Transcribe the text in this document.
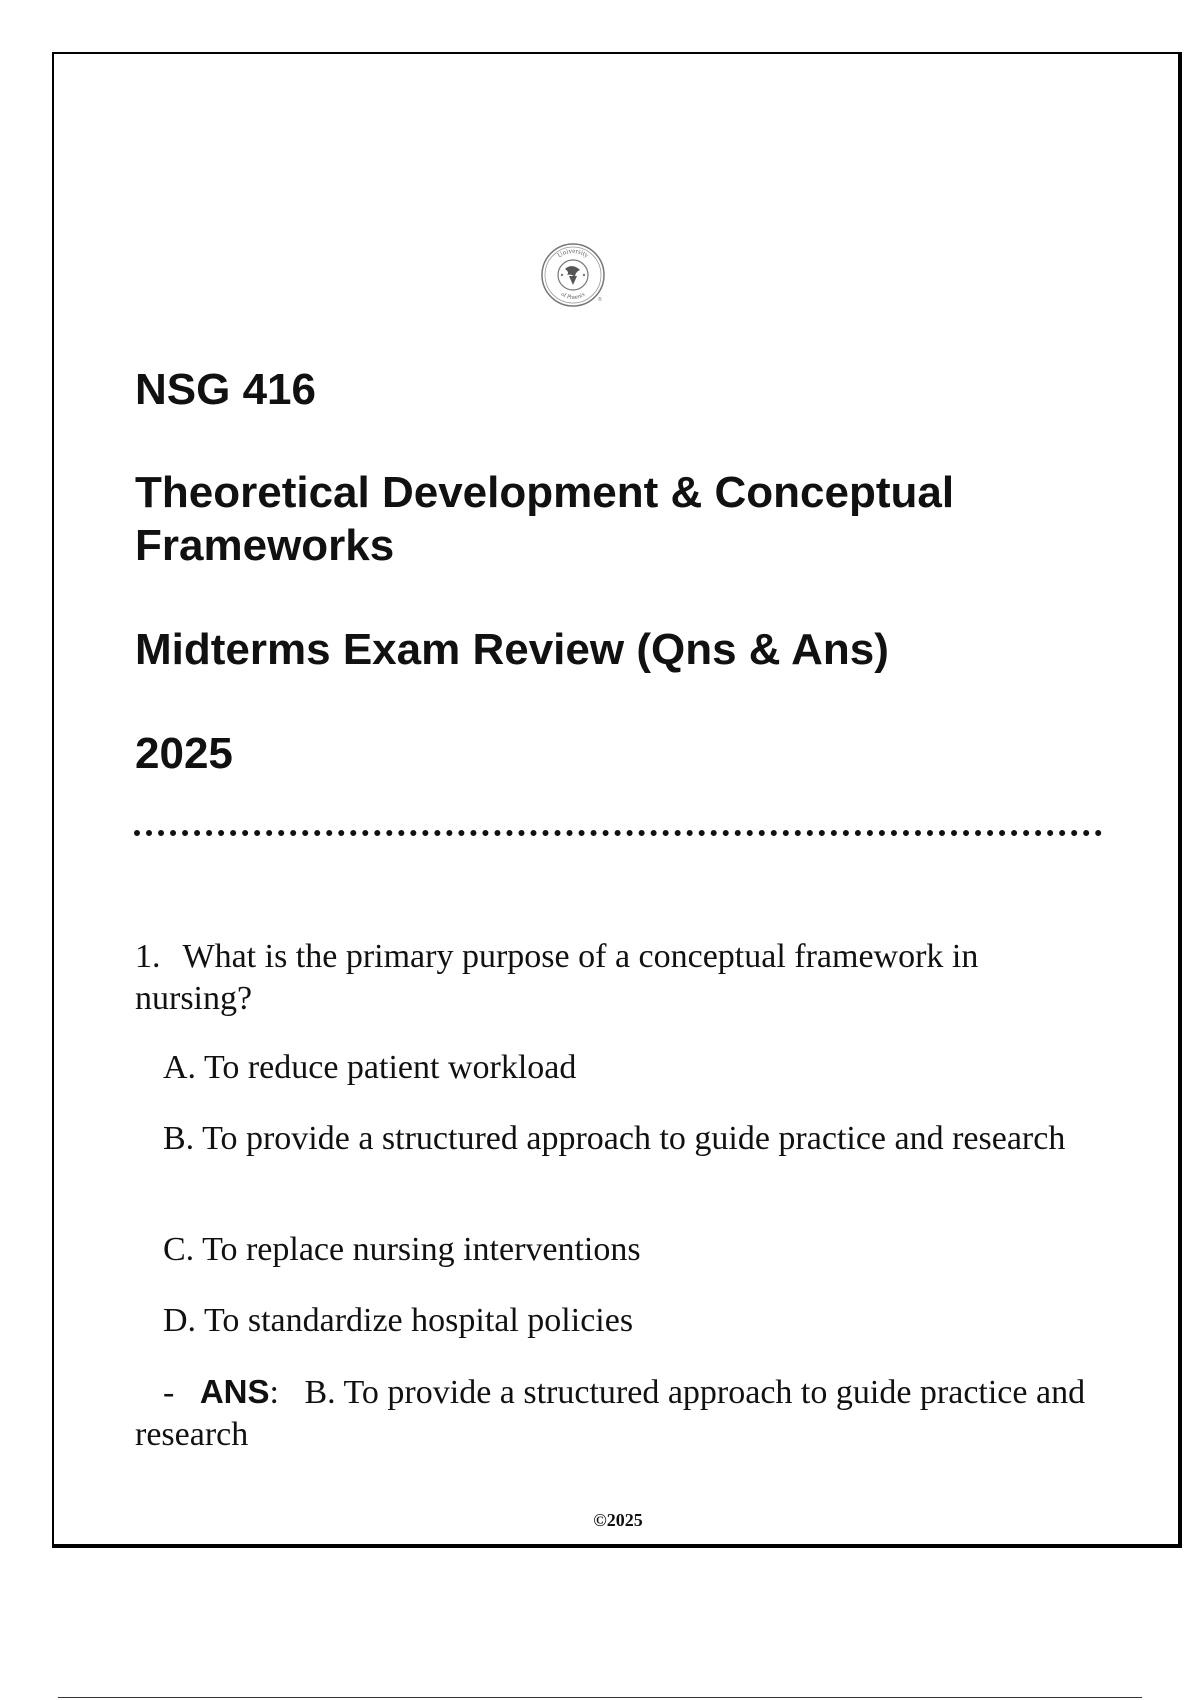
University
of Phoenix
®
NSG 416
Theoretical Development & Conceptual Frameworks
Midterms Exam Review (Qns & Ans)
2025

1. What is the primary purpose of a conceptual framework in nursing?

A. To reduce patient workload

B. To provide a structured approach to guide practice and research

C. To replace nursing interventions

D. To standardize hospital policies

- ANS:   B. To provide a structured approach to guide practice and research

©2025
